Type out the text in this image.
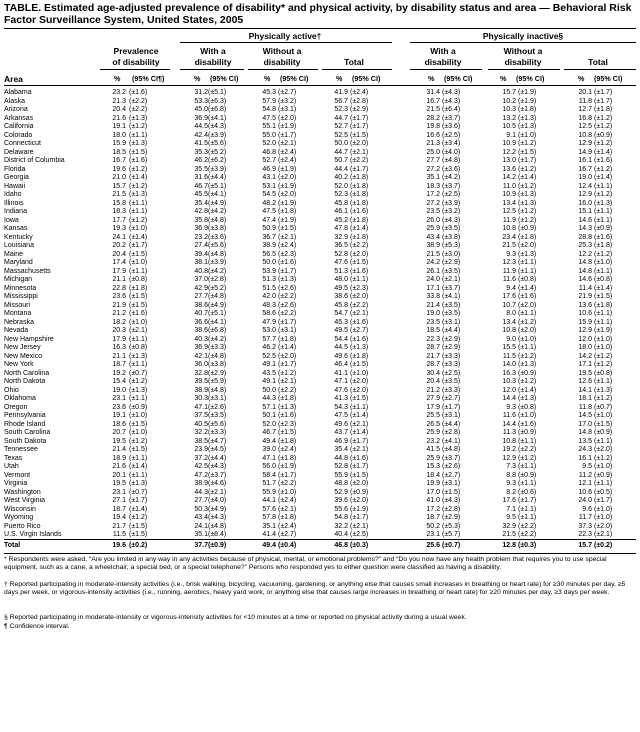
TABLE. Estimated age-adjusted prevalence of disability* and physical activity, by disability status and area — Behavioral Risk Factor Surveillance System, United States, 2005
Physically active†	Physically inactive§
Prevalence
of disability
With a
disability
Without a
disability	Total
With a
disability
Without a
disability	Total
Area	% (95% CI¶)	% (95% CI)	% (95% CI)	% (95% CI)	% (95% CI)	% (95% CI)	% (95% CI)
Alabama	23.2 (±1.6)	31.2 (±5.1)	45.3 (±2.7)	41.9 (±2.4)	31.4 (±4.3)	15.7 (±1.9)	20.1 (±1.7)
Alaska	21.3 (±2.2)	53.3 (±6.3)	57.9 (±3.2)	56.7 (±2.8)	16.7 (±4.3)	10.2 (±1.9)	11.8 (±1.7)
Arizona	20.4 (±2.2)	45.0 (±6.8)	54.8 (±3.1)	52.3 (±2.9)	21.5 (±6.4)	10.3 (±1.8)	12.7 (±1.8)
Arkansas	21.6 (±1.3)	36.9 (±4.1)	47.5 (±2.0)	44.7 (±1.7)	28.2 (±3.7)	13.2 (±1.3)	16.8 (±1.2)
California	19.1 (±1.2)	44.5 (±4.3)	55.1 (±1.9)	52.7 (±1.7)	19.8 (±3.6)	10.5 (±1.3)	12.5 (±1.2)
Colorado	18.0 (±1.1)	42.4 (±3.9)	55.0 (±1.7)	52.5 (±1.5)	16.6 (±2.5)	9.1 (±1.0)	10.8 (±0.9)
Connecticut	15.9 (±1.3)	41.5 (±5.6)	52.0 (±2.1)	50.0 (±2.0)	21.3 (±3.4)	10.9 (±1.2)	12.9 (±1.2)
Delaware	18.5 (±1.5)	35.3 (±5.2)	46.8 (±2.4)	44.7 (±2.1)	25.0 (±4.0)	12.2 (±1.5)	14.9 (±1.4)
District of Columbia	16.7 (±1.6)	46.2 (±6.2)	52.7 (±2.4)	50.7 (±2.2)	27.7 (±4.8)	13.0 (±1.7)	16.1 (±1.6)
Florida	19.6 (±1.2)	35.5 (±3.9)	46.9 (±1.9)	44.4 (±1.7)	27.2 (±3.6)	13.6 (±1.2)	16.7 (±1.2)
Georgia	21.0 (±1.4)	31.6 (±4.4)	43.1 (±2.0)	40.2 (±1.8)	35.1 (±4.2)	14.2 (±1.4)	19.0 (±1.4)
Hawaii	15.7 (±1.2)	46.7 (±5.1)	53.1 (±1.9)	52.0 (±1.8)	18.3 (±3.7)	11.0 (±1.2)	12.4 (±1.1)
Idaho	21.5 (±1.3)	45.5 (±4.1)	54.5 (±2.0)	52.3 (±1.8)	17.2 (±2.5)	10.9 (±1.3)	12.9 (±1.2)
Illinois	15.8 (±1.1)	35.4 (±4.9)	48.2 (±1.9)	45.8 (±1.8)	27.2 (±3.9)	13.4 (±1.3)	16.0 (±1.3)
Indiana	18.3 (±1.1)	42.8 (±4.2)	47.5 (±1.8)	46.1 (±1.6)	23.5 (±3.2)	12.5 (±1.2)	15.1 (±1.1)
Iowa	17.7 (±1.2)	35.8 (±4.8)	47.4 (±1.9)	45.2 (±1.8)	26.0 (±4.3)	11.9 (±1.2)	14.6 (±1.1)
Kansas	19.3 (±1.0)	36.9 (±3.8)	50.9 (±1.5)	47.8 (±1.4)	25.9 (±3.5)	10.8 (±0.9)	14.3 (±0.9)
Kentucky	24.1 (±1.4)	23.2 (±3.6)	36.7 (±2.1)	32.9 (±1.8)	43.4 (±3.8)	23.4 (±1.8)	28.8 (±1.6)
Louisiana	20.2 (±1.7)	27.4 (±5.6)	38.9 (±2.4)	36.5 (±2.2)	38.9 (±5.3)	21.5 (±2.0)	25.3 (±1.8)
Maine	20.4 (±1.5)	39.4 (±4.8)	56.5 (±2.3)	52.8 (±2.0)	21.5 (±3.0)	9.3 (±1.3)	12.2 (±1.2)
Maryland	17.4 (±1.0)	38.1 (±3.9)	50.0 (±1.6)	47.6 (±1.5)	24.2 (±2.9)	12.3 (±1.1)	14.8 (±1.0)
Massachusetts	17.9 (±1.1)	40.8 (±4.2)	53.9 (±1.7)	51.3 (±1.6)	26.1 (±3.5)	11.9 (±1.1)	14.8 (±1.1)
Michigan	21.1 (±0.8)	37.0 (±2.8)	51.3 (±1.3)	48.0 (±1.1)	24.0 (±2.1)	11.6 (±0.8)	14.6 (±0.8)
Minnesota	22.8 (±1.8)	42.9 (±5.2)	51.5 (±2.6)	49.5 (±2.3)	17.1 (±3.7)	9.4 (±1.4)	11.4 (±1.4)
Mississippi	23.6 (±1.5)	27.7 (±4.8)	42.0 (±2.2)	38.6 (±2.0)	33.8 (±4.1)	17.6 (±1.6)	21.9 (±1.5)
Missouri	21.9 (±1.5)	38.6 (±4.9)	48.3 (±2.6)	45.8 (±2.2)	21.4 (±3.5)	10.7 (±2.0)	13.6 (±1.8)
Montana	21.2 (±1.6)	40.7 (±5.1)	58.6 (±2.2)	54.7 (±2.1)	19.0 (±3.5)	8.0 (±1.1)	10.6 (±1.1)
Nebraska	18.2 (±1.0)	36.6 (±4.1)	47.9 (±1.7)	45.3 (±1.6)	23.5 (±3.1)	13.4 (±1.2)	15.9 (±1.1)
Nevada	20.3 (±2.1)	38.6 (±6.8)	53.0 (±3.1)	49.5 (±2.7)	18.5 (±4.4)	10.8 (±2.0)	12.9 (±1.9)
New Hampshire	17.9 (±1.1)	40.3 (±4.2)	57.7 (±1.8)	54.4 (±1.6)	22.3 (±2.9)	9.0 (±1.0)	12.0 (±1.0)
New Jersey	16.3 (±0.8)	36.9 (±3.3)	46.2 (±1.4)	44.5 (±1.3)	28.7 (±2.9)	15.5 (±1.1)	18.0 (±1.0)
New Mexico	21.1 (±1.3)	42.1 (±4.8)	52.5 (±2.0)	49.6 (±1.8)	21.7 (±3.3)	11.5 (±1.2)	14.2 (±1.2)
New York	18.7 (±1.1)	36.0 (±3.8)	49.1 (±1.7)	46.4 (±1.5)	28.7 (±3.3)	14.0 (±1.3)	17.1 (±1.2)
North Carolina	19.2 (±0.7)	32.8 (±2.9)	43.5 (±1.2)	41.1 (±1.0)	30.4 (±2.5)	16.3 (±0.9)	19.5 (±0.8)
North Dakota	15.4 (±1.2)	39.5 (±5.9)	49.1 (±2.1)	47.1 (±2.0)	20.4 (±3.5)	10.3 (±1.2)	12.6 (±1.1)
Ohio	19.0 (±1.3)	38.9 (±4.8)	50.0 (±2.2)	47.6 (±2.0)	21.2 (±3.3)	12.0 (±1.4)	14.1 (±1.3)
Oklahoma	23.1 (±1.1)	30.3 (±3.1)	44.3 (±1.8)	41.3 (±1.5)	27.9 (±2.7)	14.4 (±1.3)	18.1 (±1.2)
Oregon	23.6 (±0.9)	47.1 (±2.6)	57.1 (±1.3)	54.3 (±1.1)	17.9 (±1.7)	9.3 (±0.8)	11.8 (±0.7)
Pennsylvania	19.1 (±1.0)	37.5 (±3.5)	50.1 (±1.6)	47.5 (±1.4)	25.5 (±3.1)	11.6 (±1.0)	14.5 (±1.0)
Rhode Island	18.6 (±1.5)	40.5 (±5.6)	52.0 (±2.3)	49.6 (±2.1)	26.5 (±4.4)	14.4 (±1.6)	17.0 (±1.5)
South Carolina	20.7 (±1.0)	32.2 (±3.3)	46.7 (±1.5)	43.7 (±1.4)	25.9 (±2.8)	11.3 (±0.9)	14.8 (±0.9)
South Dakota	19.5 (±1.2)	38.5 (±4.7)	49.4 (±1.8)	46.9 (±1.7)	23.2 (±4.1)	10.8 (±1.1)	13.5 (±1.1)
Tennessee	21.4 (±1.5)	23.9 (±4.5)	39.0 (±2.4)	35.4 (±2.1)	41.5 (±4.8)	19.2 (±2.2)	24.3 (±2.0)
Texas	18.9 (±1.1)	37.2 (±4.4)	47.1 (±1.8)	44.8 (±1.6)	25.9 (±3.7)	12.9 (±1.2)	16.1 (±1.2)
Utah	21.6 (±1.4)	42.5 (±4.3)	56.0 (±1.9)	52.8 (±1.7)	15.3 (±2.6)	7.3 (±1.1)	9.5 (±1.0)
Vermont	20.1 (±1.1)	47.2 (±3.7)	58.4 (±1.7)	55.9 (±1.5)	18.4 (±2.7)	8.8 (±0.9)	11.2 (±0.9)
Virginia	19.5 (±1.3)	38.9 (±4.6)	51.7 (±2.2)	48.8 (±2.0)	19.9 (±3.1)	9.3 (±1.1)	12.1 (±1.1)
Washington	23.1 (±0.7)	44.3 (±2.1)	55.9 (±1.0)	52.9 (±0.9)	17.0 (±1.5)	8.2 (±0.6)	10.6 (±0.5)
West Virginia	27.1 (±1.7)	27.7 (±4.0)	44.1 (±2.4)	39.6 (±2.0)	41.0 (±4.3)	17.6 (±1.7)	24.0 (±1.7)
Wisconsin	18.7 (±1.4)	50.3 (±4.9)	57.6 (±2.1)	55.6 (±1.9)	17.2 (±2.8)	7.1 (±1.1)	9.6 (±1.0)
Wyoming	19.4 (±1.2)	43.4 (±4.3)	57.8 (±1.8)	54.8 (±1.7)	18.7 (±2.9)	9.5 (±1.1)	11.7 (±1.0)
Puerto Rico	21.7 (±1.5)	24.1 (±4.8)	35.1 (±2.4)	32.2 (±2.1)	50.2 (±5.3)	32.9 (±2.2)	37.3 (±2.0)
U.S. Virgin Islands	11.5 (±1.5)	35.1 (±8.4)	41.4 (±2.7)	40.4 (±2.5)	23.1 (±5.7)	21.5 (±2.2)	22.3 (±2.1)
Total	19.6 (±0.2)	37.7 (±0.9)	49.4 (±0.4)	46.8 (±0.3)	25.6 (±0.7)	12.8 (±0.3)	15.7 (±0.2)
* Respondents were asked, “Are you limited in any way in any activities because of physical, mental, or emotional problems?” and “Do you now have any health problem that requires you to use special equipment, such as a cane, a wheelchair, a special bed, or a special telephone?” Persons who responded yes to either question were classified as having a disability.
† Reported participating in moderate-intensity activities (i.e., brisk walking, bicycling, vacuuming, gardening, or anything else that causes small increases in breathing or heart rate) for ≥30 minutes per day, ≥5 days per week, or vigorous-intensity activities (i.e., running, aerobics, heavy yard work, or anything else that causes large increases in breathing or heart rate) for ≥20 minutes per day, ≥3 days per week.
§ Reported participating in moderate-intensity or vigorous-intensity activities for <10 minutes at a time or reported no physical activity during a usual week.
¶ Confidence interval.
